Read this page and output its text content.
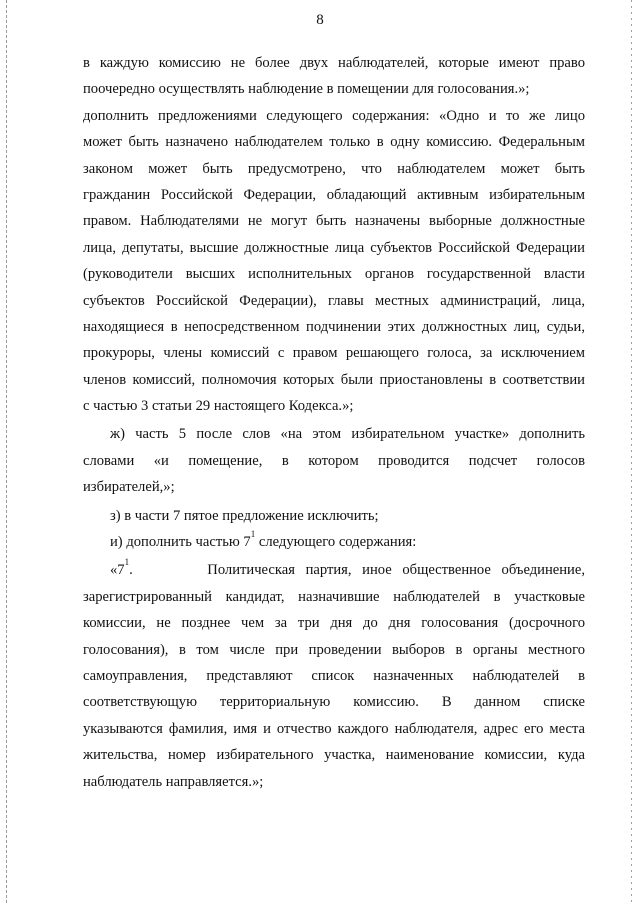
8
в каждую комиссию не более двух наблюдателей, которые имеют право
поочередно осуществлять наблюдение в помещении для голосования.»;
дополнить предложениями следующего содержания: «Одно и то же лицо
может быть назначено наблюдателем только в одну комиссию. Федеральным
законом может быть предусмотрено, что наблюдателем может быть
гражданин Российской Федерации, обладающий активным избирательным
правом. Наблюдателями не могут быть назначены выборные должностные
лица, депутаты, высшие должностные лица субъектов Российской Федерации
(руководители высших исполнительных органов государственной власти
субъектов Российской Федерации), главы местных администраций, лица,
находящиеся в непосредственном подчинении этих должностных лиц, судьи,
прокуроры, члены комиссий с правом решающего голоса, за исключением
членов комиссий, полномочия которых были приостановлены в соответствии
с частью 3 статьи 29 настоящего Кодекса.»;
ж) часть 5 после слов «на этом избирательном участке» дополнить
словами «и помещение, в котором проводится подсчет голосов
избирателей,»;
з) в части 7 пятое предложение исключить;
и) дополнить частью $7^1$ следующего содержания:
«$7^1$.	Политическая партия, иное общественное объединение,
зарегистрированный кандидат, назначившие наблюдателей в участковые
комиссии, не позднее чем за три дня до дня голосования (досрочного
голосования), в том числе при проведении выборов в органы местного
самоуправления, представляют список назначенных наблюдателей в
соответствующую территориальную комиссию. В данном списке
указываются фамилия, имя и отчество каждого наблюдателя, адрес его места
жительства, номер избирательного участка, наименование комиссии, куда
наблюдатель направляется.»;
